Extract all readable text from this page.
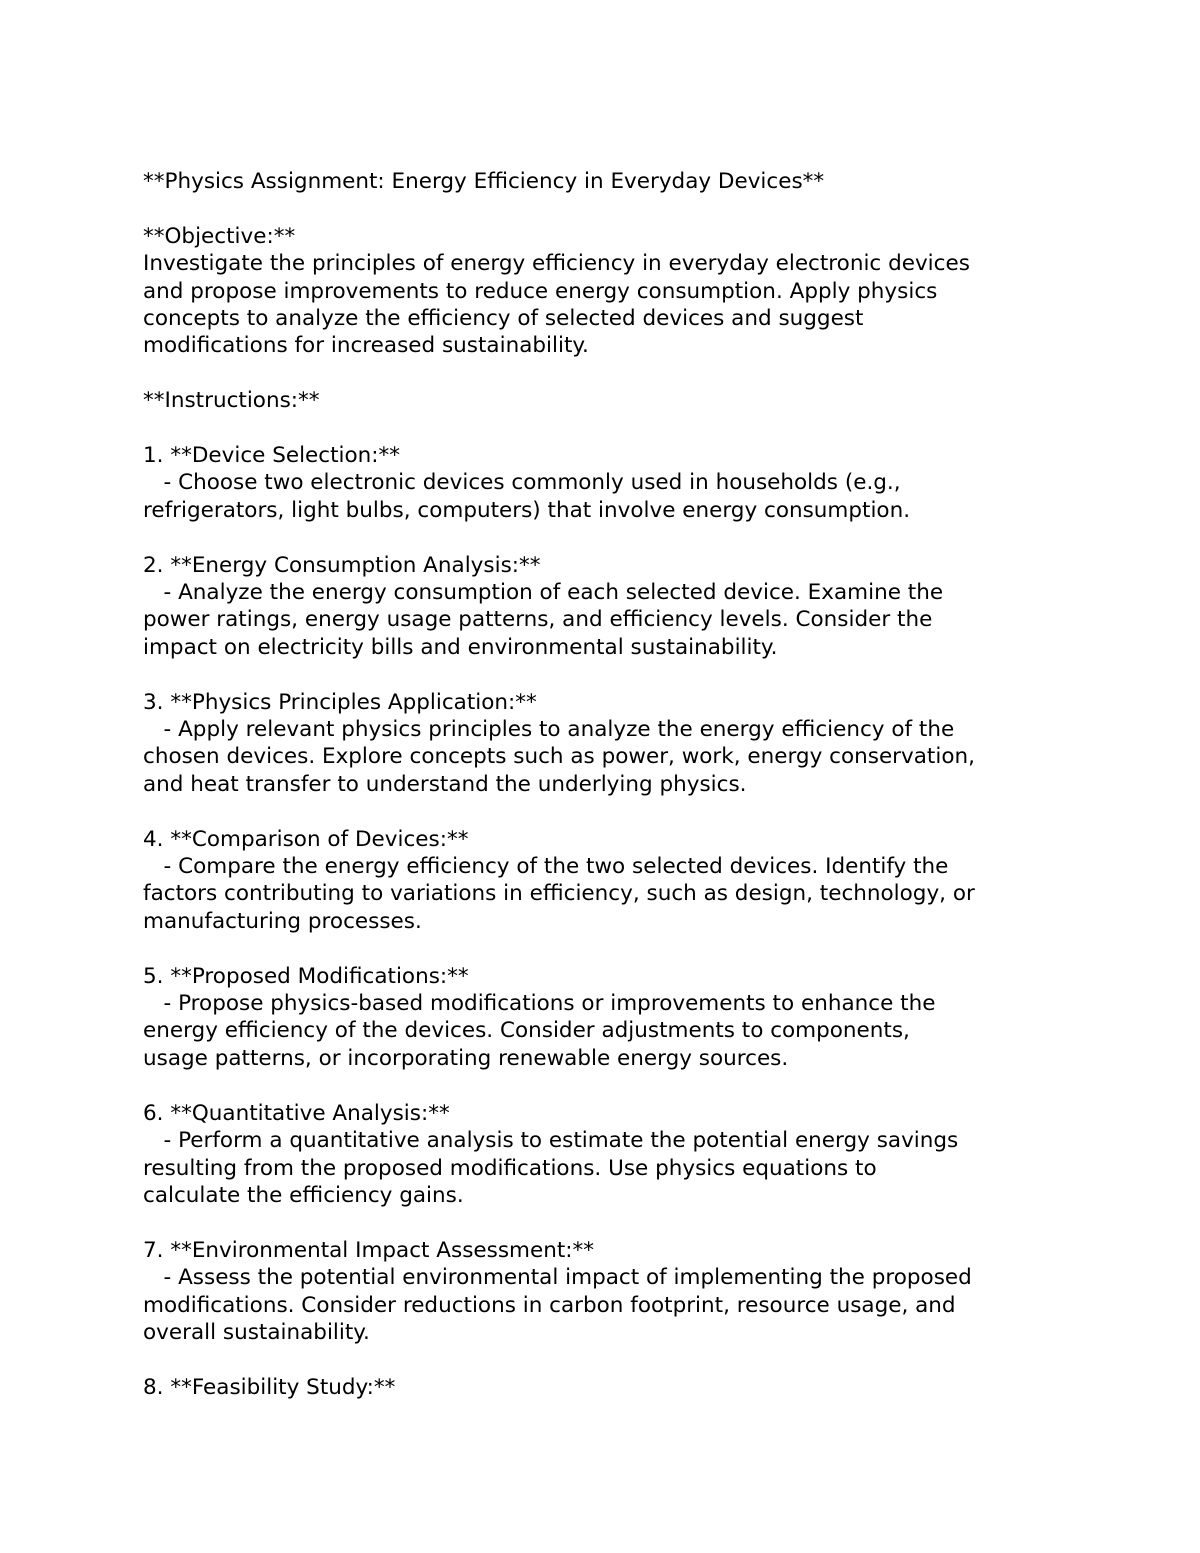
**Physics Assignment: Energy Efficiency in Everyday Devices**
**Objective:**
Investigate the principles of energy efficiency in everyday electronic devices
and propose improvements to reduce energy consumption. Apply physics
concepts to analyze the efficiency of selected devices and suggest
modifications for increased sustainability.
**Instructions:**
1. **Device Selection:**
- Choose two electronic devices commonly used in households (e.g.,
refrigerators, light bulbs, computers) that involve energy consumption.
2. **Energy Consumption Analysis:**
- Analyze the energy consumption of each selected device. Examine the
power ratings, energy usage patterns, and efficiency levels. Consider the
impact on electricity bills and environmental sustainability.
3. **Physics Principles Application:**
- Apply relevant physics principles to analyze the energy efficiency of the
chosen devices. Explore concepts such as power, work, energy conservation,
and heat transfer to understand the underlying physics.
4. **Comparison of Devices:**
- Compare the energy efficiency of the two selected devices. Identify the
factors contributing to variations in efficiency, such as design, technology, or
manufacturing processes.
5. **Proposed Modifications:**
- Propose physics-based modifications or improvements to enhance the
energy efficiency of the devices. Consider adjustments to components,
usage patterns, or incorporating renewable energy sources.
6. **Quantitative Analysis:**
- Perform a quantitative analysis to estimate the potential energy savings
resulting from the proposed modifications. Use physics equations to
calculate the efficiency gains.
7. **Environmental Impact Assessment:**
- Assess the potential environmental impact of implementing the proposed
modifications. Consider reductions in carbon footprint, resource usage, and
overall sustainability.
8. **Feasibility Study:**
